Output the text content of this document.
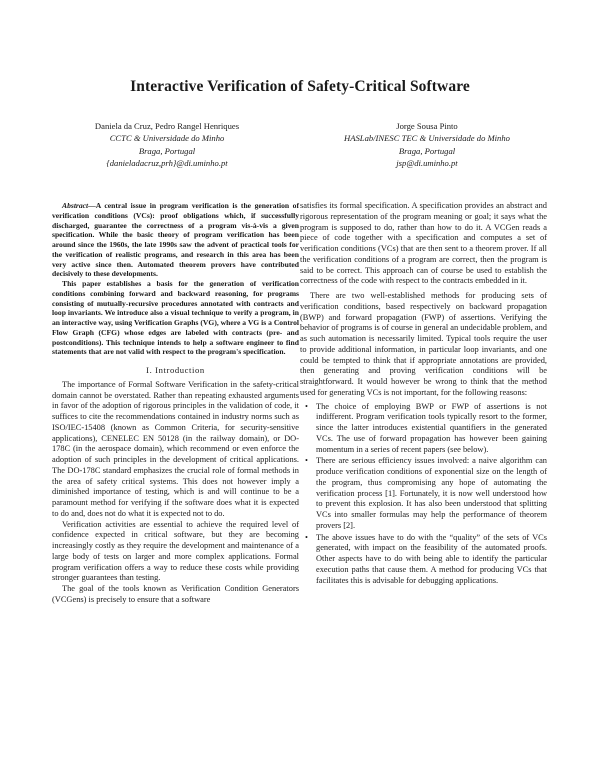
Interactive Verification of Safety-Critical Software
Daniela da Cruz, Pedro Rangel Henriques
CCTC & Universidade do Minho
Braga, Portugal
{danieladacruz,prh}@di.uminho.pt
Jorge Sousa Pinto
HASLab/INESC TEC & Universidade do Minho
Braga, Portugal
jsp@di.uminho.pt

Abstract—A central issue in program verification is the generation of verification conditions (VCs): proof obligations which, if successfully discharged, guarantee the correctness of a program vis-à-vis a given specification. While the basic theory of program verification has been around since the 1960s, the late 1990s saw the advent of practical tools for the verification of realistic programs, and research in this area has been very active since then. Automated theorem provers have contributed decisively to these developments.

This paper establishes a basis for the generation of verification conditions combining forward and backward reasoning, for programs consisting of mutually-recursive procedures annotated with contracts and loop invariants. We introduce also a visual technique to verify a program, in an interactive way, using Verification Graphs (VG), where a VG is a Control Flow Graph (CFG) whose edges are labeled with contracts (pre- and postconditions). This technique intends to help a software engineer to find statements that are not valid with respect to the program's specification.

I. Introduction

The importance of Formal Software Verification in the safety-critical domain cannot be overstated. Rather than repeating exhausted arguments in favor of the adoption of rigorous principles in the validation of code, it suffices to cite the recommendations contained in industry norms such as ISO/IEC-15408 (known as Common Criteria, for security-sensitive applications), CENELEC EN 50128 (in the railway domain), or DO-178C (in the aerospace domain), which recommend or even enforce the adoption of such principles in the development of critical applications. The DO-178C standard emphasizes the crucial role of formal methods in the area of safety critical systems. This does not however imply a diminished importance of testing, which is and will continue to be a paramount method for verifying if the software does what it is expected to do and, does not do what it is expected not to do.

Verification activities are essential to achieve the required level of confidence expected in critical software, but they are becoming increasingly costly as they require the development and maintenance of a large body of tests on larger and more complex applications. Formal program verification offers a way to reduce these costs while providing stronger guarantees than testing.

The goal of the tools known as Verification Condition Generators (VCGens) is precisely to ensure that a software

satisfies its formal specification. A specification provides an abstract and rigorous representation of the program meaning or goal; it says what the program is supposed to do, rather than how to do it. A VCGen reads a piece of code together with a specification and computes a set of verification conditions (VCs) that are then sent to a theorem prover. If all the verification conditions of a program are correct, then the program is said to be correct. This approach can of course be used to establish the correctness of the code with respect to the contracts embedded in it.

There are two well-established methods for producing sets of verification conditions, based respectively on backward propagation (BWP) and forward propagation (FWP) of assertions. Verifying the behavior of programs is of course in general an undecidable problem, and as such automation is necessarily limited. Typical tools require the user to provide additional information, in particular loop invariants, and one could be tempted to think that if appropriate annotations are provided, then generating and proving verification conditions will be straightforward. It would however be wrong to think that the method used for generating VCs is not important, for the following reasons:

• The choice of employing BWP or FWP of assertions is not indifferent. Program verification tools typically resort to the former, since the latter introduces existential quantifiers in the generated VCs. The use of forward propagation has however been gaining momentum in a series of recent papers (see below).
• There are serious efficiency issues involved: a naive algorithm can produce verification conditions of exponential size on the length of the program, thus compromising any hope of automating the verification process [1]. Fortunately, it is now well understood how to prevent this explosion. It has also been understood that splitting VCs into smaller formulas may help the performance of theorem provers [2].
• The above issues have to do with the “quality” of the sets of VCs generated, with impact on the feasibility of the automated proofs. Other aspects have to do with being able to identify the particular execution paths that cause them. A method for producing VCs that facilitates this is advisable for debugging applications.
